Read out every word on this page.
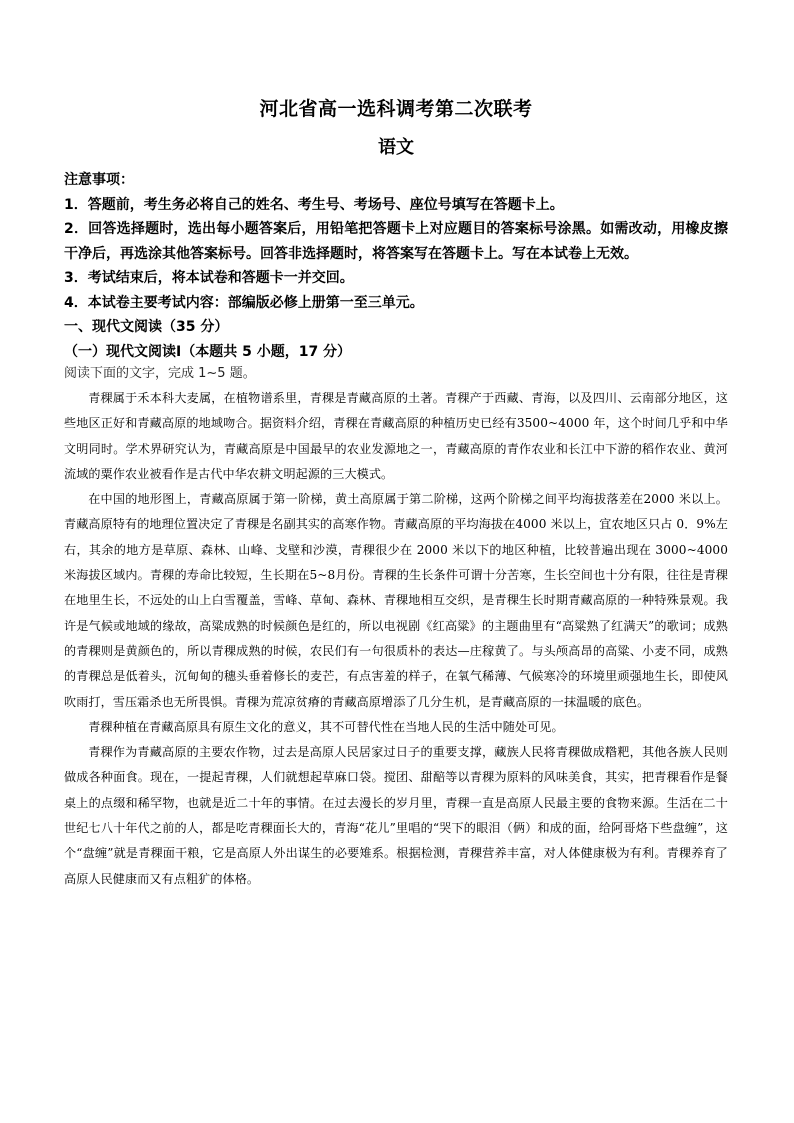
河北省高一选科调考第二次联考
语文

注意事项：

1．答题前，考生务必将自己的姓名、考生号、考场号、座位号填写在答题卡上。

2．回答选择题时，选出每小题答案后，用铅笔把答题卡上对应题目的答案标号涂黑。如需改动，用橡皮擦干净后，再选涂其他答案标号。回答非选择题时，将答案写在答题卡上。写在本试卷上无效。

3．考试结束后，将本试卷和答题卡一并交回。

4．本试卷主要考试内容：部编版必修上册第一至三单元。

一、现代文阅读（35 分）

（一）现代文阅读Ⅰ（本题共 5 小题，17 分）

阅读下面的文字，完成 1~5 题。

青稞属于禾本科大麦属，在植物谱系里，青稞是青藏高原的土著。青稞产于西藏、青海，以及四川、云南部分地区，这些地区正好和青藏高原的地域吻合。据资料介绍，青稞在青藏高原的种植历史已经有3500~4000 年，这个时间几乎和中华文明同时。学术界研究认为，青藏高原是中国最早的农业发源地之一，青藏高原的青作农业和长江中下游的稻作农业、黄河流域的粟作农业被看作是古代中华农耕文明起源的三大模式。

在中国的地形图上，青藏高原属于第一阶梯，黄土高原属于第二阶梯，这两个阶梯之间平均海拔落差在2000 米以上。青藏高原特有的地理位置决定了青稞是名副其实的高寒作物。青藏高原的平均海拔在4000 米以上，宜农地区只占 0．9%左右，其余的地方是草原、森林、山峰、戈壁和沙漠，青稞很少在 2000 米以下的地区种植，比较普遍出现在 3000~4000 米海拔区域内。青稞的寿命比较短，生长期在5~8月份。青稞的生长条件可谓十分苦寒，生长空间也十分有限，往往是青稞在地里生长，不远处的山上白雪覆盖，雪峰、草甸、森林、青稞地相互交织，是青稞生长时期青藏高原的一种特殊景观。我许是气候或地域的缘故，高粱成熟的时候颜色是红的，所以电视剧《红高粱》的主题曲里有“高粱熟了红满天”的歌词；成熟的青稞则是黄颜色的，所以青稞成熟的时候，农民们有一句很质朴的表达—庄稼黄了。与头颅高昂的高粱、小麦不同，成熟的青稞总是低着头，沉甸甸的穗头垂着修长的麦芒，有点害羞的样子，在氧气稀薄、气候寒冷的环境里顽强地生长，即使风吹雨打，雪压霜杀也无所畏惧。青稞为荒凉贫瘠的青藏高原增添了几分生机，是青藏高原的一抹温暖的底色。

青稞种植在青藏高原具有原生文化的意义，其不可替代性在当地人民的生活中随处可见。

青稞作为青藏高原的主要农作物，过去是高原人民居家过日子的重要支撑，藏族人民将青稞做成糌粑，其他各族人民则做成各种面食。现在，一提起青稞，人们就想起草麻口袋。搅团、甜醅等以青稞为原料的风味美食，其实，把青稞看作是餐桌上的点缀和稀罕物，也就是近二十年的事情。在过去漫长的岁月里，青稞一直是高原人民最主要的食物来源。生活在二十世纪七八十年代之前的人，都是吃青稞面长大的，青海“花儿”里唱的“哭下的眼泪（俩）和成的面，给阿哥烙下些盘缠”，这个“盘缠”就是青稞面干粮，它是高原人外出谋生的必要雉系。根据检测，青稞营养丰富，对人体健康极为有利。青稞养育了高原人民健康而又有点粗犷的体格。
